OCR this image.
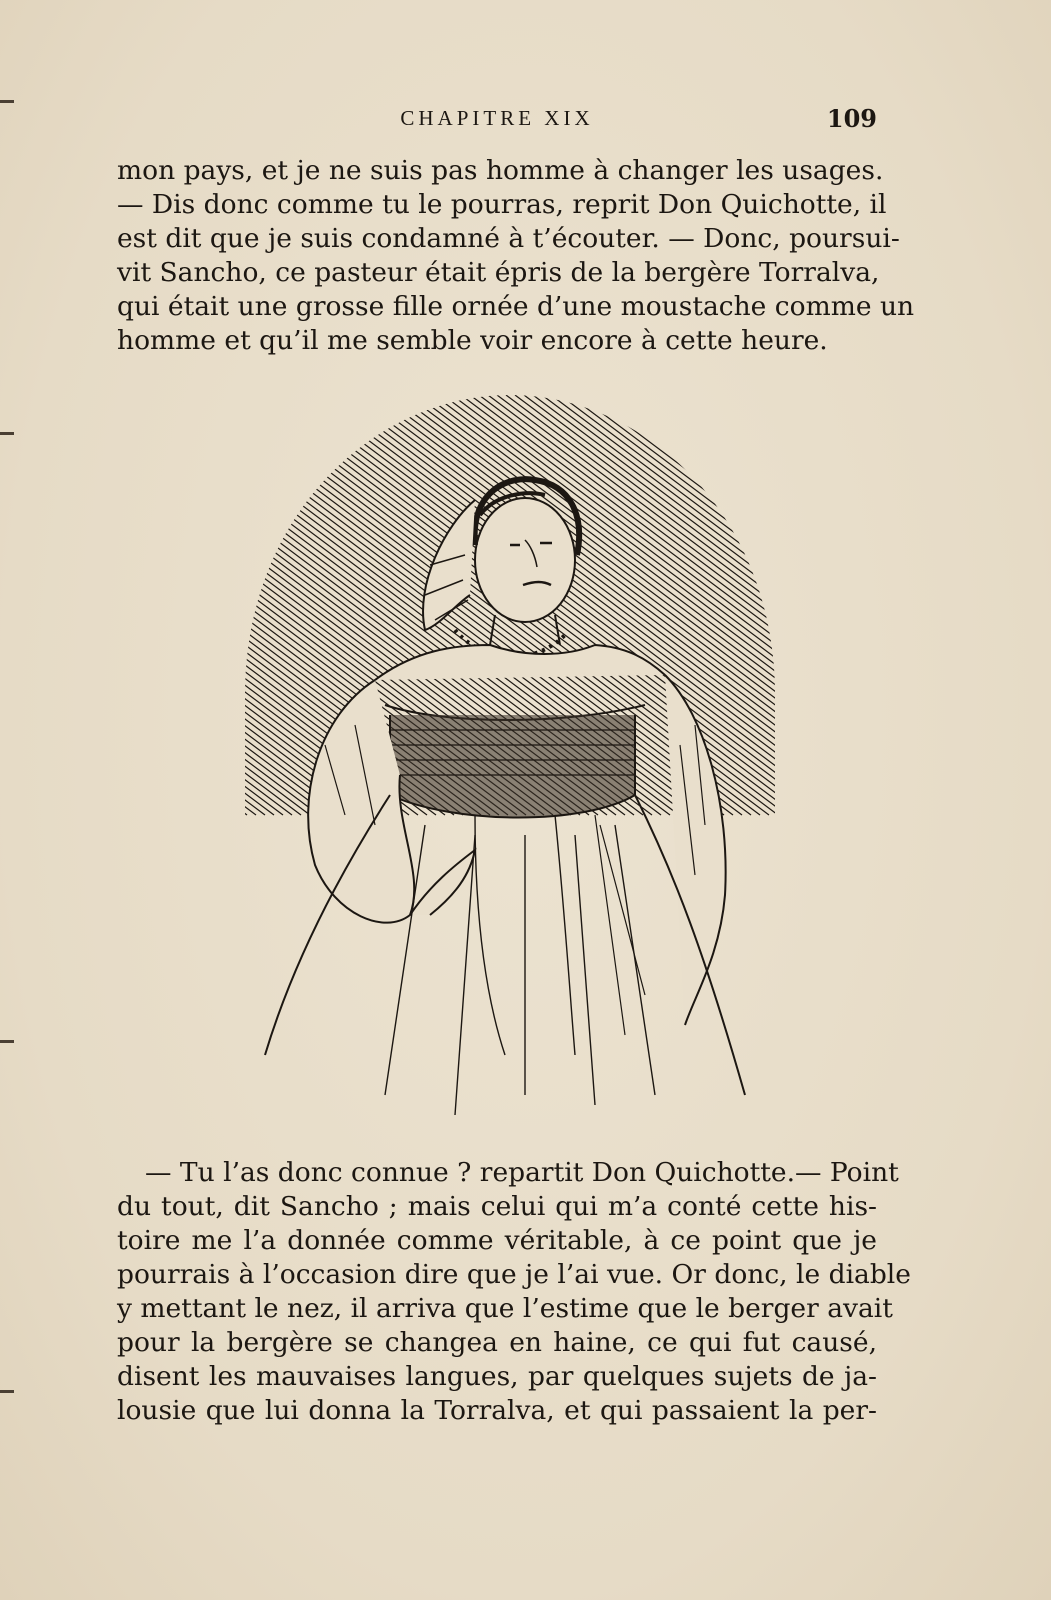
CHAPITRE XIX	109
mon pays, et je ne suis pas homme à changer les usages.
— Dis donc comme tu le pourras, reprit Don Quichotte, il
est dit que je suis condamné à t’écouter. — Donc, poursui-
vit Sancho, ce pasteur était épris de la bergère Torralva,
qui était une grosse fille ornée d’une moustache comme un
homme et qu’il me semble voir encore à cette heure.
— Tu l’as donc connue ? repartit Don Quichotte.— Point
du tout, dit Sancho ; mais celui qui m’a conté cette his-
toire me l’a donnée comme véritable, à ce point que je
pourrais à l’occasion dire que je l’ai vue. Or donc, le diable
y mettant le nez, il arriva que l’estime que le berger avait
pour la bergère se changea en haine, ce qui fut causé,
disent les mauvaises langues, par quelques sujets de ja-
lousie que lui donna la Torralva, et qui passaient la per-
